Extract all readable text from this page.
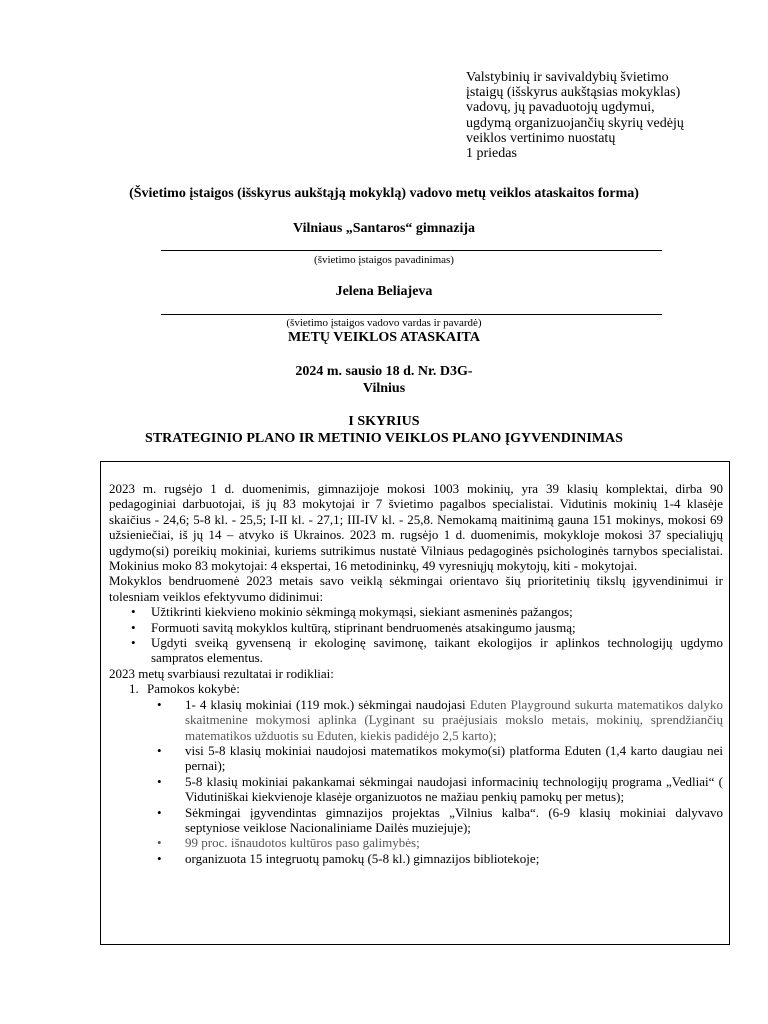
Valstybinių ir savivaldybių švietimo
įstaigų (išskyrus aukštąsias mokyklas)
vadovų, jų pavaduotojų ugdymui,
ugdymą organizuojančių skyrių vedėjų
veiklos vertinimo nuostatų
1 priedas
(Švietimo įstaigos (išskyrus aukštąją mokyklą) vadovo metų veiklos ataskaitos forma)
Vilniaus „Santaros“ gimnazija
(švietimo įstaigos pavadinimas)
Jelena Beliajeva
(švietimo įstaigos vadovo vardas ir pavardė)
METŲ VEIKLOS ATASKAITA
2024 m. sausio 18 d. Nr. D3G-
Vilnius
I SKYRIUS
STRATEGINIO PLANO IR METINIO VEIKLOS PLANO ĮGYVENDINIMAS

2023 m. rugsėjo 1 d. duomenimis, gimnazijoje mokosi 1003 mokinių, yra 39 klasių komplektai, dirba 90 pedagoginiai darbuotojai, iš jų 83 mokytojai ir 7 švietimo pagalbos specialistai. Vidutinis mokinių 1-4 klasėje skaičius - 24,6; 5-8 kl. - 25,5; I-II kl. - 27,1; III-IV kl. - 25,8. Nemokamą maitinimą gauna 151 mokinys, mokosi 69 užsieniečiai, iš jų 14 – atvyko iš Ukrainos. 2023 m. rugsėjo 1 d. duomenimis, mokykloje mokosi 37 specialiųjų ugdymo(si) poreikių mokiniai, kuriems sutrikimus nustatė Vilniaus pedagoginės psichologinės tarnybos specialistai. Mokinius moko 83 mokytojai: 4 ekspertai, 16 metodininkų, 49 vyresniųjų mokytojų, kiti - mokytojai.

Mokyklos bendruomenė 2023 metais savo veiklą sėkmingai orientavo šių prioritetinių tikslų įgyvendinimui ir tolesniam veiklos efektyvumo didinimui:

• Užtikrinti kiekvieno mokinio sėkmingą mokymąsi, siekiant asmeninės pažangos;
• Formuoti savitą mokyklos kultūrą, stiprinant bendruomenės atsakingumo jausmą;
• Ugdyti sveiką gyvenseną ir ekologinę savimonę, taikant ekologijos ir aplinkos technologijų ugdymo sampratos elementus.

2023 metų svarbiausi rezultatai ir rodikliai:

1. Pamokos kokybė:
• 1- 4 klasių mokiniai (119 mok.) sėkmingai naudojasi Eduten Playground sukurta matematikos dalyko skaitmenine mokymosi aplinka (Lyginant su praėjusiais mokslo metais, mokinių, sprendžiančių matematikos užduotis su Eduten, kiekis padidėjo 2,5 karto);
• visi 5-8 klasių mokiniai naudojosi matematikos mokymo(si) platforma Eduten (1,4 karto daugiau nei pernai);
• 5-8 klasių mokiniai pakankamai sėkmingai naudojasi informacinių technologijų programa „Vedliai“ ( Vidutiniškai kiekvienoje klasėje organizuotos ne mažiau penkių pamokų per metus);
• Sėkmingai įgyvendintas gimnazijos projektas „Vilnius kalba“. (6-9 klasių mokiniai dalyvavo septyniose veiklose Nacionaliniame Dailės muziejuje);
• 99 proc. išnaudotos kultūros paso galimybės;
• organizuota 15 integruotų pamokų (5-8 kl.) gimnazijos bibliotekoje;
